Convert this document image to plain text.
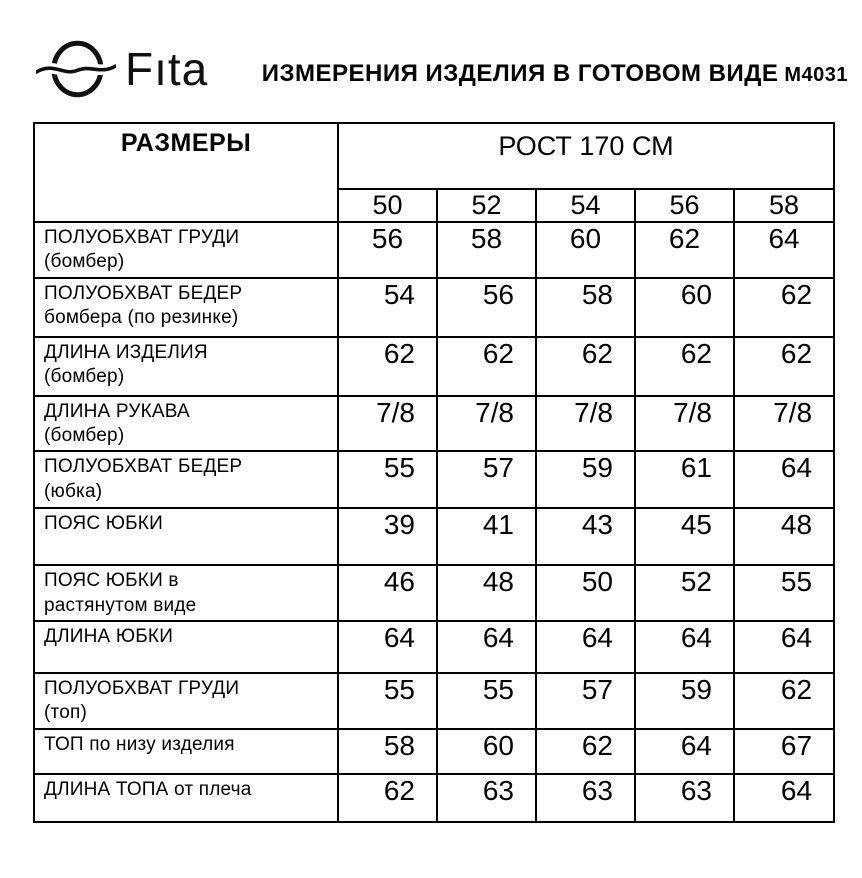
Fıta ИЗМЕРЕНИЯ ИЗДЕЛИЯ В ГОТОВОМ ВИДЕ М4031
РАЗМЕРЫ	РОСТ 170 СМ				
	50	52	54	56	58

ПОЛУОБХВАТ ГРУДИ
(бомбер)	56	58	60	62	64

ПОЛУОБХВАТ БЕДЕР
бомбера (по резинке)	54	56	58	60	62

ДЛИНА ИЗДЕЛИЯ
(бомбер)	62	62	62	62	62

ДЛИНА РУКАВА
(бомбер)	7/8	7/8	7/8	7/8	7/8

ПОЛУОБХВАТ БЕДЕР
(юбка)	55	57	59	61	64

ПОЯС ЮБКИ	39	41	43	45	48

ПОЯС ЮБКИ в
растянутом виде	46	48	50	52	55

ДЛИНА ЮБКИ	64	64	64	64	64

ПОЛУОБХВАТ ГРУДИ
(топ)	55	55	57	59	62

ТОП по низу изделия	58	60	62	64	67

ДЛИНА ТОПА от плеча	62	63	63	63	64
